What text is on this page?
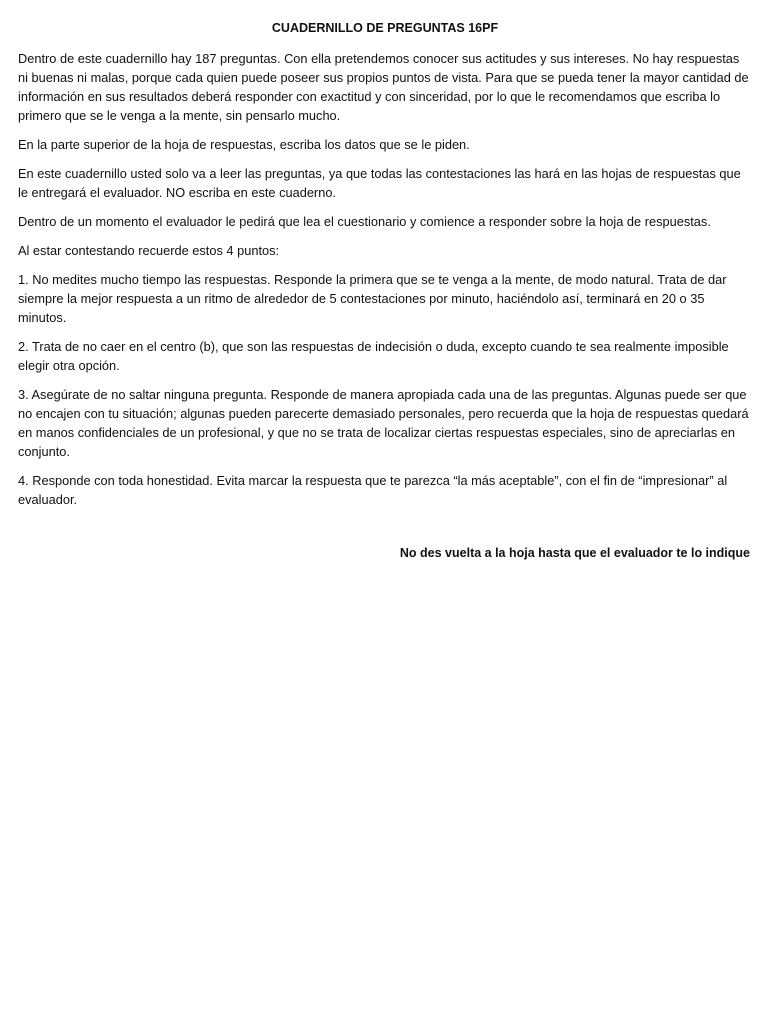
CUADERNILLO DE PREGUNTAS 16PF

Dentro de este cuadernillo hay 187 preguntas. Con ella pretendemos conocer sus actitudes y sus intereses. No hay respuestas ni buenas ni malas, porque cada quien puede poseer sus propios puntos de vista. Para que se pueda tener la mayor cantidad de información en sus resultados deberá responder con exactitud y con sinceridad, por lo que le recomendamos que escriba lo primero que se le venga a la mente, sin pensarlo mucho.

En la parte superior de la hoja de respuestas, escriba los datos que se le piden.

En este cuadernillo usted solo va a leer las preguntas, ya que todas las contestaciones las hará en las hojas de respuestas que le entregará el evaluador. NO escriba en este cuaderno.

Dentro de un momento el evaluador le pedirá que lea el cuestionario y comience a responder sobre la hoja de respuestas.

Al estar contestando recuerde estos 4 puntos:

1. No medites mucho tiempo las respuestas. Responde la primera que se te venga a la mente, de modo natural. Trata de dar siempre la mejor respuesta a un ritmo de alrededor de 5 contestaciones por minuto, haciéndolo así, terminará en 20 o 35 minutos.

2. Trata de no caer en el centro (b), que son las respuestas de indecisión o duda, excepto cuando te sea realmente imposible elegir otra opción.

3. Asegúrate de no saltar ninguna pregunta. Responde de manera apropiada cada una de las preguntas. Algunas puede ser que no encajen con tu situación; algunas pueden parecerte demasiado personales, pero recuerda que la hoja de respuestas quedará en manos confidenciales de un profesional, y que no se trata de localizar ciertas respuestas especiales, sino de apreciarlas en conjunto.

4. Responde con toda honestidad. Evita marcar la respuesta que te parezca “la más aceptable”, con el fin de “impresionar” al evaluador.

No des vuelta a la hoja hasta que el evaluador te lo indique
